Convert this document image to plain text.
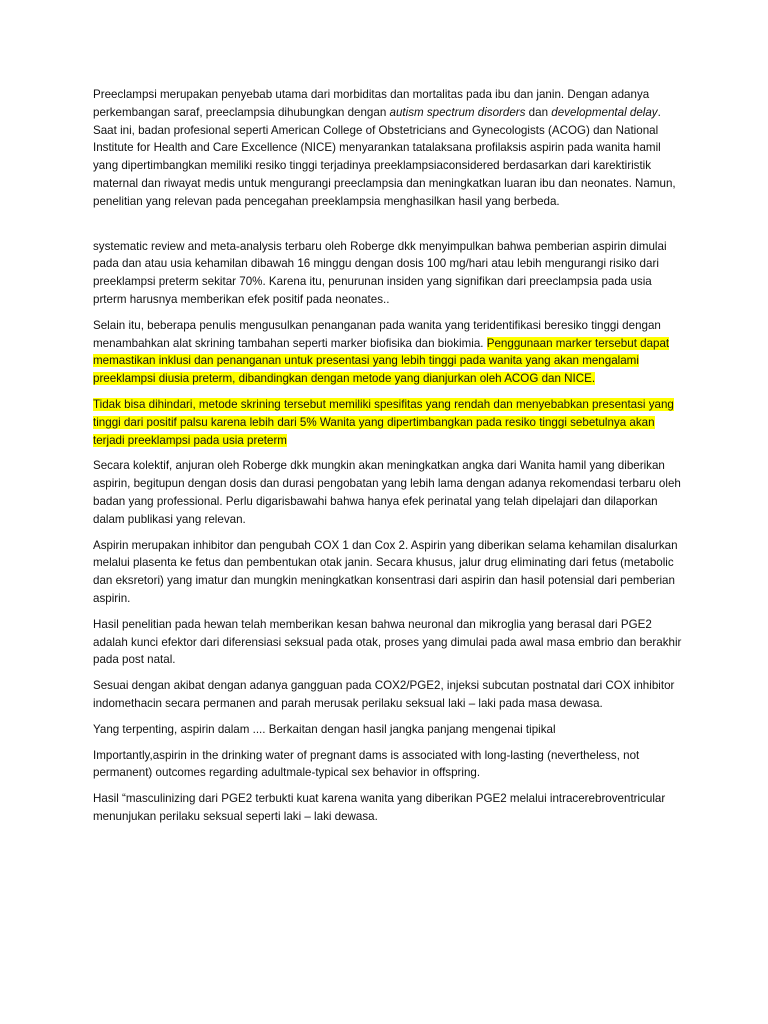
Preeclampsi merupakan penyebab utama dari morbiditas dan mortalitas pada ibu dan janin. Dengan adanya perkembangan saraf, preeclampsia dihubungkan dengan autism spectrum disorders dan developmental delay. Saat ini, badan profesional seperti American College of Obstetricians and Gynecologists (ACOG) dan National Institute for Health and Care Excellence (NICE) menyarankan tatalaksana profilaksis aspirin pada wanita hamil yang dipertimbangkan memiliki resiko tinggi terjadinya preeklampsiaconsidered berdasarkan dari karektiristik maternal dan riwayat medis untuk mengurangi preeclampsia dan meningkatkan luaran ibu dan neonates. Namun, penelitian yang relevan pada pencegahan preeklampsia menghasilkan hasil yang berbeda.

systematic review and meta-analysis terbaru oleh Roberge dkk menyimpulkan bahwa pemberian aspirin dimulai pada dan atau usia kehamilan dibawah 16 minggu dengan dosis 100 mg/hari atau lebih mengurangi risiko dari preeklampsi preterm sekitar 70%. Karena itu, penurunan insiden yang signifikan dari preeclampsia pada usia prterm harusnya memberikan efek positif pada neonates..

Selain itu, beberapa penulis mengusulkan penanganan pada wanita yang teridentifikasi beresiko tinggi dengan menambahkan alat skrining tambahan seperti marker biofisika dan biokimia. Penggunaan marker tersebut dapat memastikan inklusi dan penanganan untuk presentasi yang lebih tinggi pada wanita yang akan mengalami preeklampsi diusia preterm, dibandingkan dengan metode yang dianjurkan oleh ACOG dan NICE.

Tidak bisa dihindari, metode skrining tersebut memiliki spesifitas yang rendah dan menyebabkan presentasi yang tinggi dari positif palsu karena lebih dari 5% Wanita yang dipertimbangkan pada resiko tinggi sebetulnya akan terjadi preeklampsi pada usia preterm

Secara kolektif, anjuran oleh Roberge dkk mungkin akan meningkatkan angka dari Wanita hamil yang diberikan aspirin, begitupun dengan dosis dan durasi pengobatan yang lebih lama dengan adanya rekomendasi terbaru oleh badan yang professional. Perlu digarisbawahi bahwa hanya efek perinatal yang telah dipelajari dan dilaporkan dalam publikasi yang relevan.

Aspirin merupakan inhibitor dan pengubah COX 1 dan Cox 2. Aspirin yang diberikan selama kehamilan disalurkan melalui plasenta ke fetus dan pembentukan otak janin. Secara khusus, jalur drug eliminating dari fetus (metabolic dan eksretori) yang imatur dan mungkin meningkatkan konsentrasi dari aspirin dan hasil potensial dari pemberian aspirin.

Hasil penelitian pada hewan telah memberikan kesan bahwa neuronal dan mikroglia yang berasal dari PGE2 adalah kunci efektor dari diferensiasi seksual pada otak, proses yang dimulai pada awal masa embrio dan berakhir pada post natal.

Sesuai dengan akibat dengan adanya gangguan pada COX2/PGE2, injeksi subcutan postnatal dari COX inhibitor indomethacin secara permanen and parah merusak perilaku seksual laki – laki pada masa dewasa.

Yang terpenting, aspirin dalam .... Berkaitan dengan hasil jangka panjang mengenai tipikal

Importantly,aspirin in the drinking water of pregnant dams is associated with long-lasting (nevertheless, not permanent) outcomes regarding adultmale-typical sex behavior in offspring.

Hasil “masculinizing dari PGE2 terbukti kuat karena wanita yang diberikan PGE2 melalui intracerebroventricular menunjukan perilaku seksual seperti laki – laki dewasa.
